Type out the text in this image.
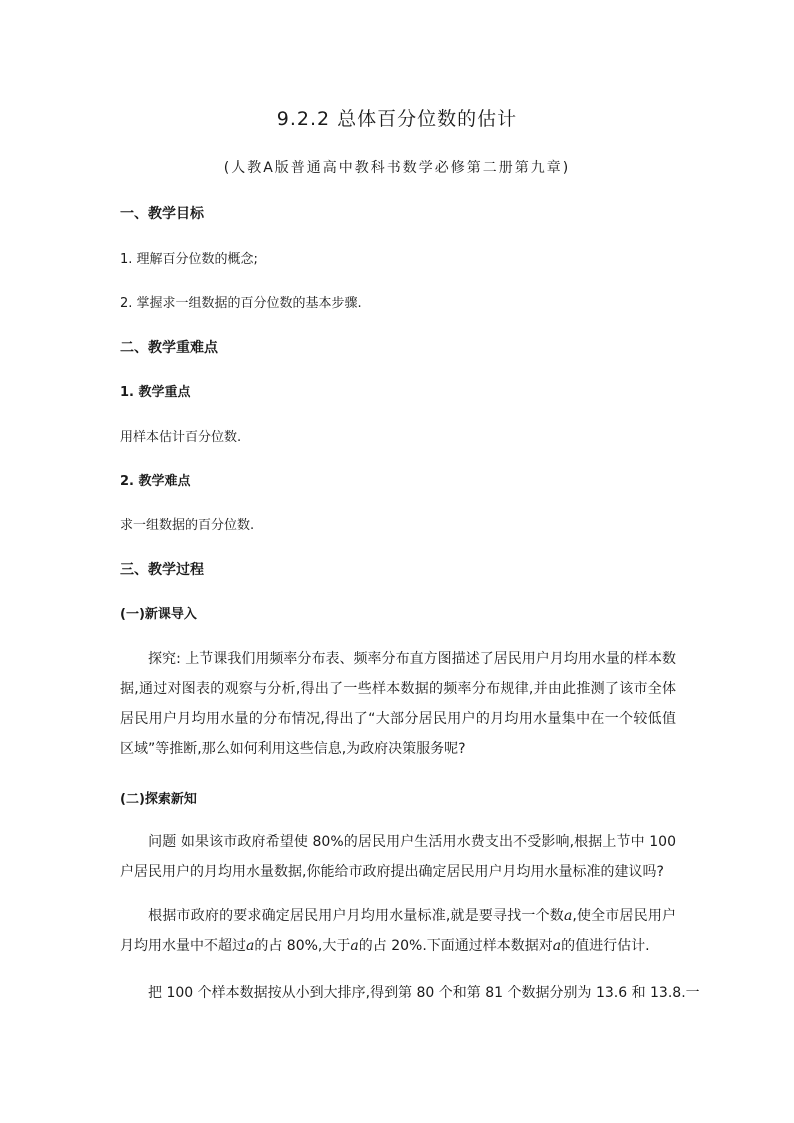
9.2.2 总体百分位数的估计
(人教A版普通高中教科书数学必修第二册第九章)
一、教学目标
1. 理解百分位数的概念;
2. 掌握求一组数据的百分位数的基本步骤.
二、教学重难点
1. 教学重点
用样本估计百分位数.
2. 教学难点
求一组数据的百分位数.
三、教学过程
(一)新课导入
探究: 上节课我们用频率分布表、频率分布直方图描述了居民用户月均用水量的样本数据,通过对图表的观察与分析,得出了一些样本数据的频率分布规律,并由此推测了该市全体居民用户月均用水量的分布情况,得出了“大部分居民用户的月均用水量集中在一个较低值区域”等推断,那么如何利用这些信息,为政府决策服务呢?
(二)探索新知
问题 如果该市政府希望使 80%的居民用户生活用水费支出不受影响,根据上节中 100户居民用户的月均用水量数据,你能给市政府提出确定居民用户月均用水量标准的建议吗?
根据市政府的要求确定居民用户月均用水量标准,就是要寻找一个数a,使全市居民用户月均用水量中不超过a的占 80%,大于a的占 20%.下面通过样本数据对a的值进行估计.
把 100 个样本数据按从小到大排序,得到第 80 个和第 81 个数据分别为 13.6 和 13.8.一
